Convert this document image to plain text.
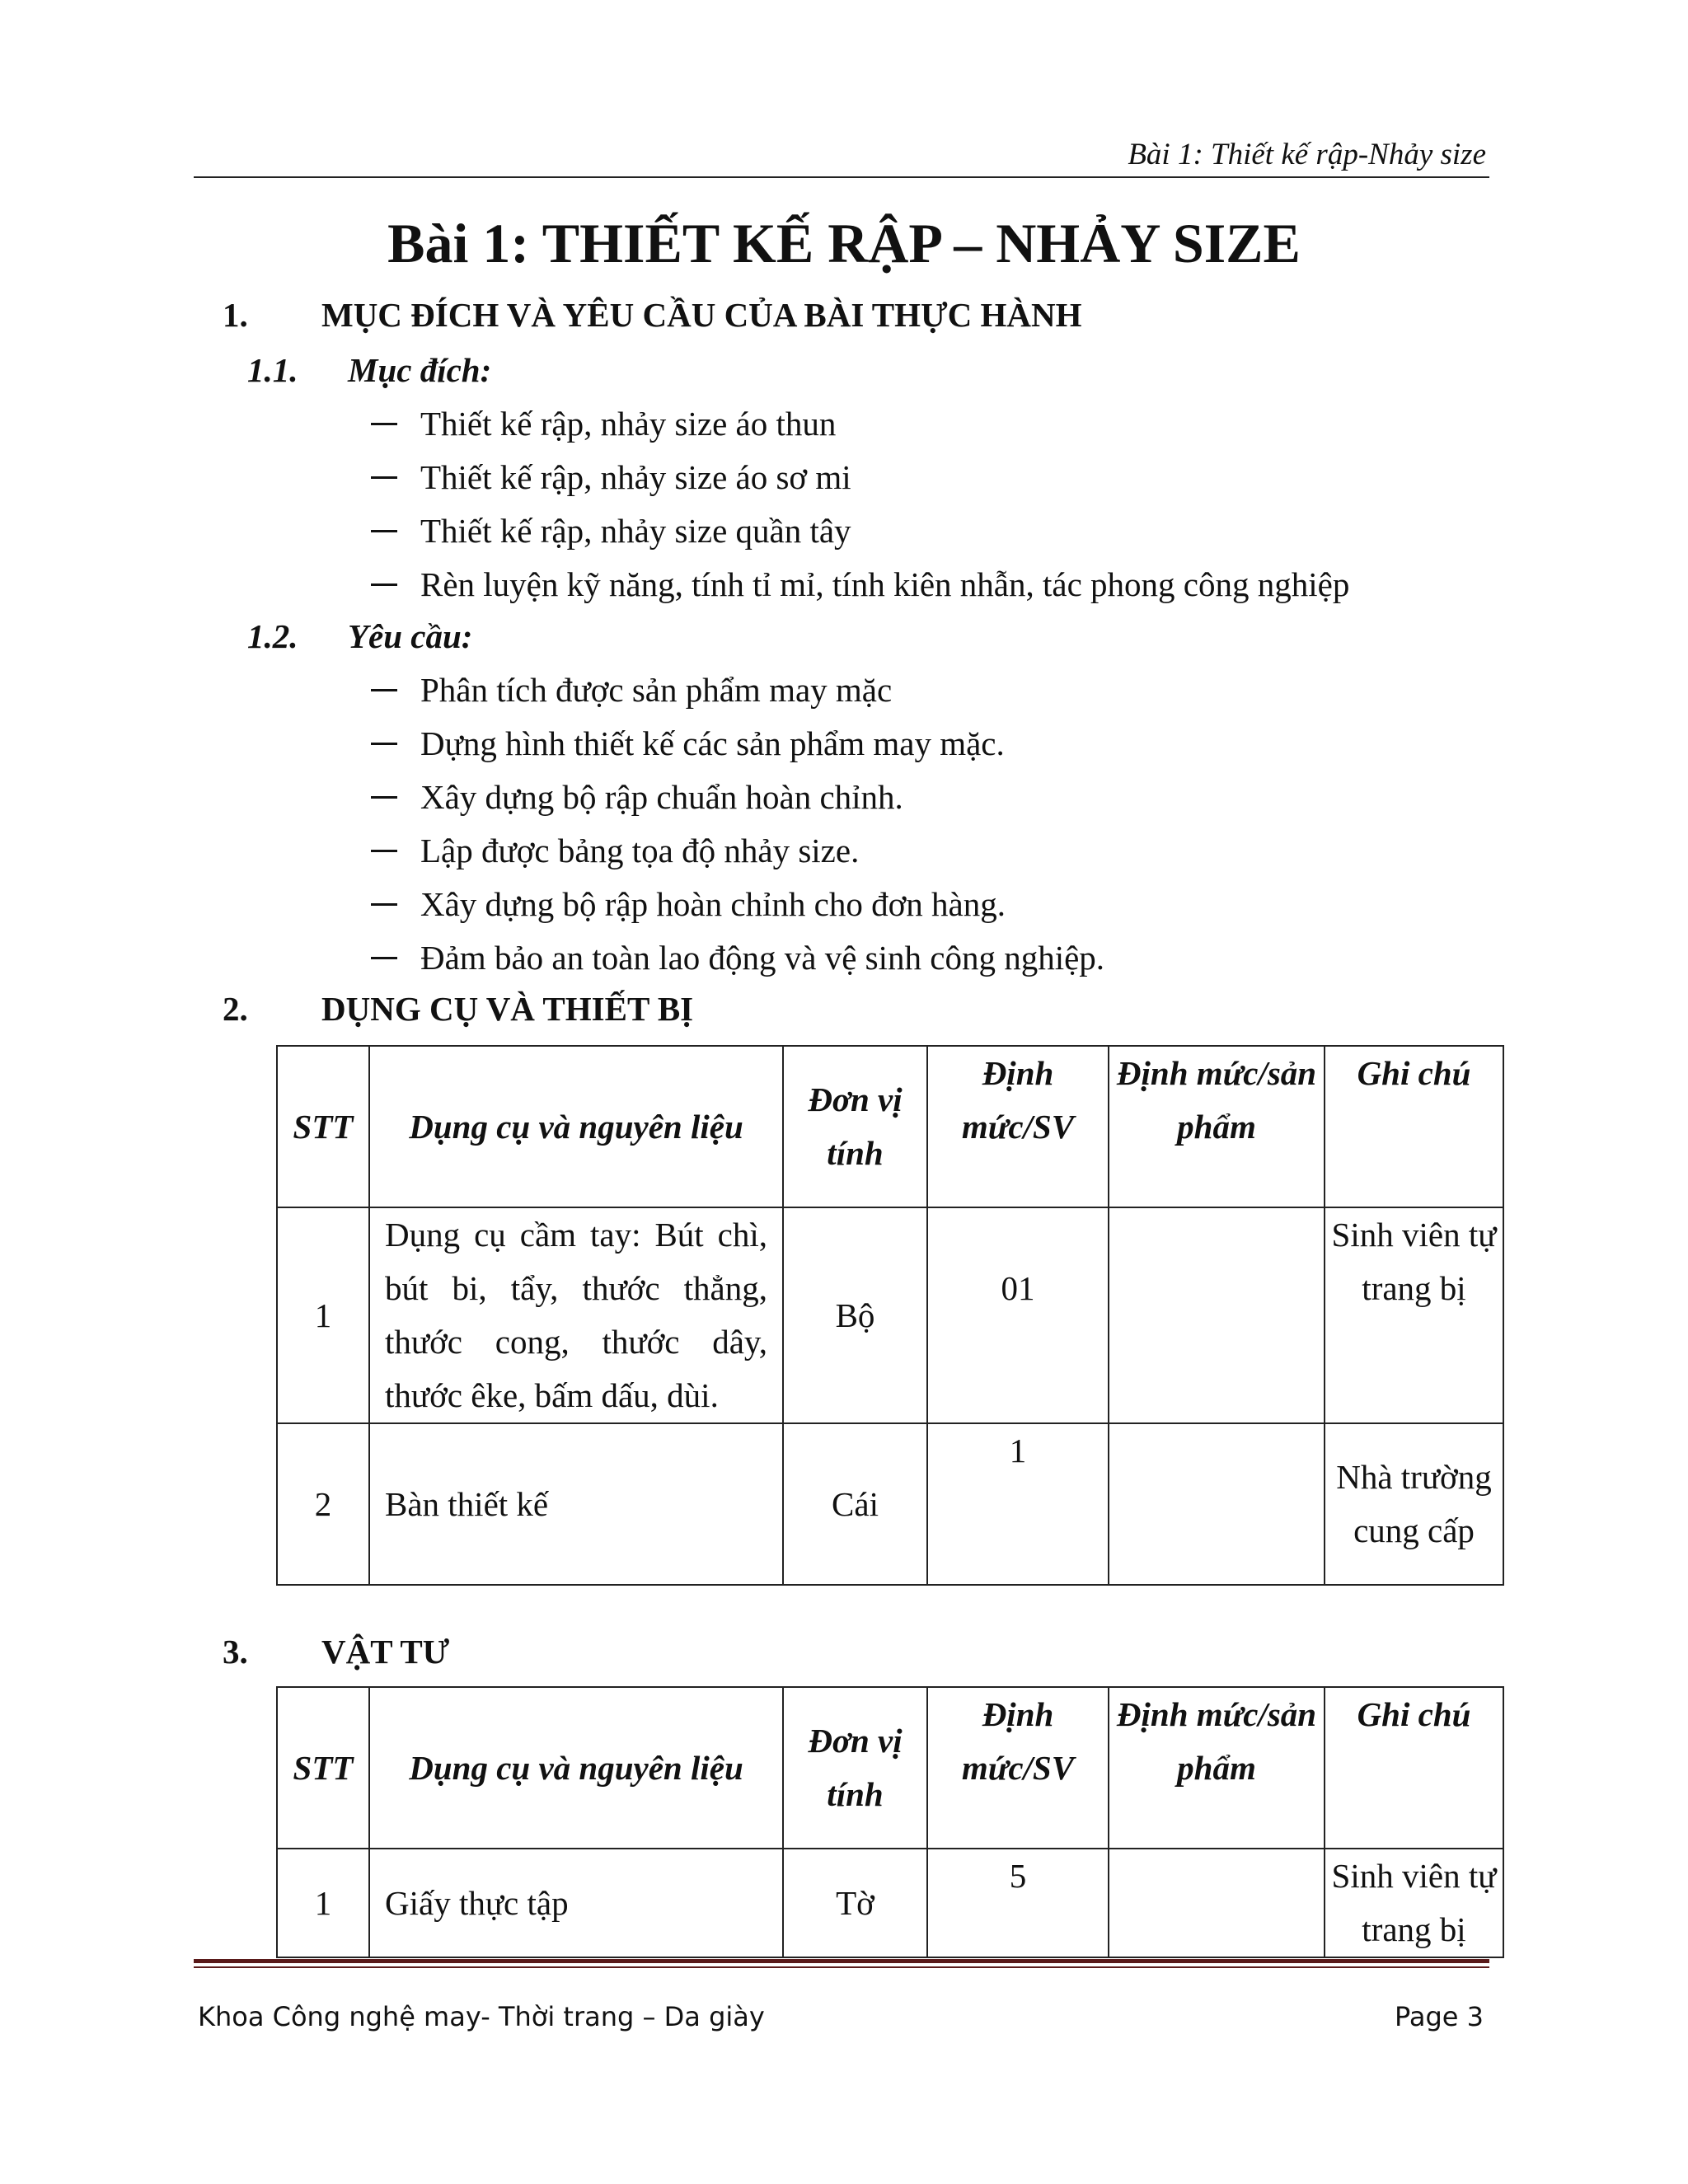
Bài 1: Thiết kế rập-Nhảy size
Bài 1: THIẾT KẾ RẬP – NHẢY SIZE
1. MỤC ĐÍCH VÀ YÊU CẦU CỦA BÀI THỰC HÀNH
1.1. Mục đích:
Thiết kế rập, nhảy size áo thun
Thiết kế rập, nhảy size áo sơ mi
Thiết kế rập, nhảy size quần tây
Rèn luyện kỹ năng, tính tỉ mỉ, tính kiên nhẫn, tác phong công nghiệp
1.2. Yêu cầu:
Phân tích được sản phẩm may mặc
Dựng hình thiết kế các sản phẩm may mặc.
Xây dựng bộ rập chuẩn hoàn chỉnh.
Lập được bảng tọa độ nhảy size.
Xây dựng bộ rập hoàn chỉnh cho đơn hàng.
Đảm bảo an toàn lao động và vệ sinh công nghiệp.
2. DỤNG CỤ VÀ THIẾT BỊ
STT	Dụng cụ và nguyên liệu	Đơn vị tính	Định mức/SV	Định mức/sản phẩm	Ghi chú
1	Dụng cụ cầm tay: Bút chì, bút bi, tẩy, thước thẳng, thước cong, thước dây, thước êke, bấm dấu, dùi.	Bộ	01		Sinh viên tự trang bị
2	Bàn thiết kế	Cái	1		Nhà trường cung cấp
3. VẬT TƯ
STT	Dụng cụ và nguyên liệu	Đơn vị tính	Định mức/SV	Định mức/sản phẩm	Ghi chú
1	Giấy thực tập	Tờ	5		Sinh viên tự trang bị
Khoa Công nghệ may- Thời trang – Da giày	Page 3
